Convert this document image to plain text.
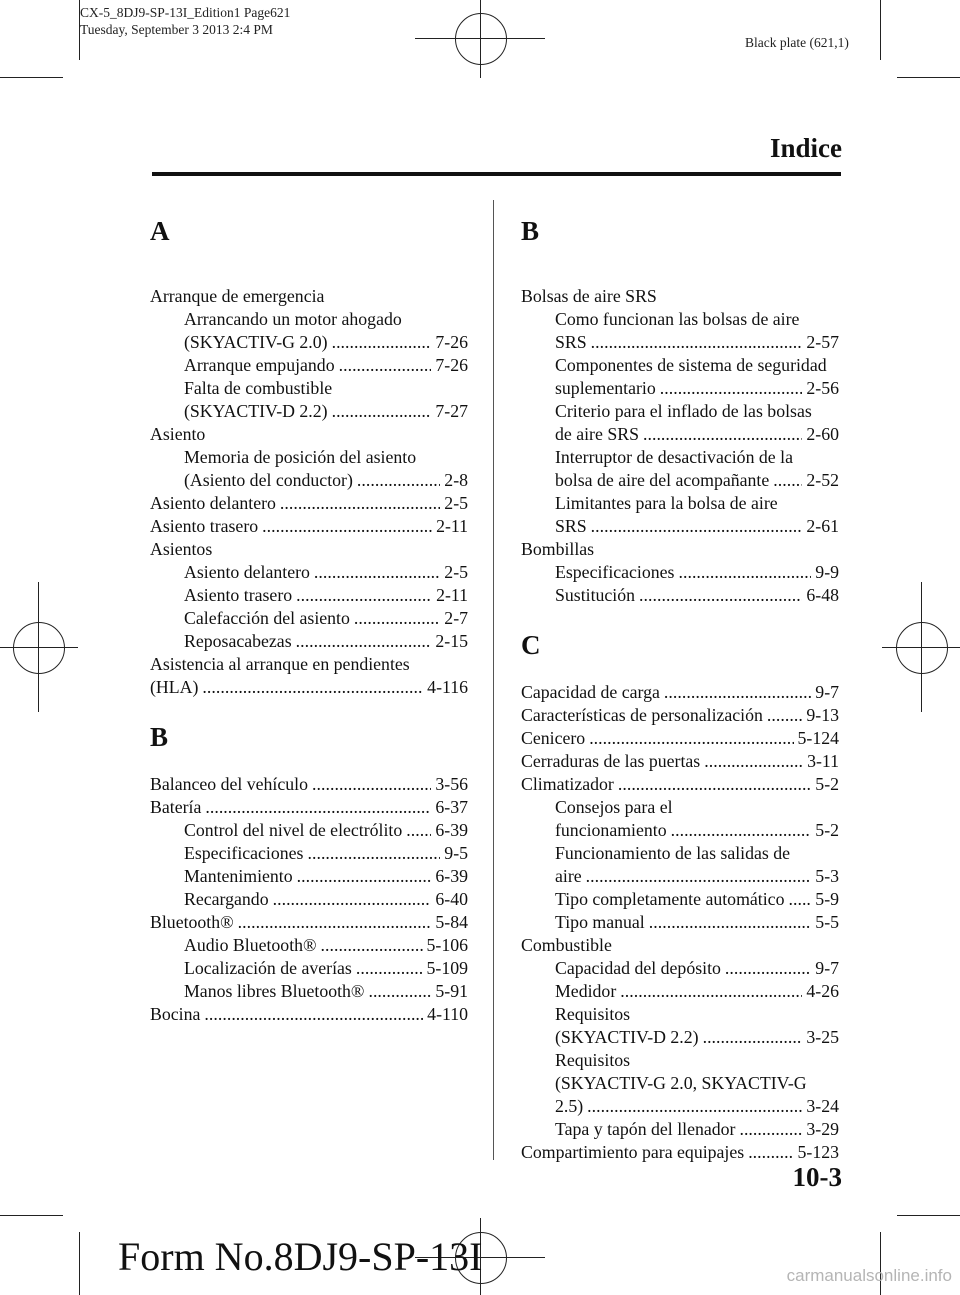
CX-5_8DJ9-SP-13I_Edition1 Page621
Tuesday, September 3 2013 2:4 PM
Black plate (621,1)
Indice
A
Arranque de emergencia
Arrancando un motor ahogado
(SKYACTIV-G 2.0) . . .	7-26
Arranque empujando . . .	7-26
Falta de combustible
(SKYACTIV-D 2.2) . . .	7-27
Asiento
Memoria de posición del asiento
(Asiento del conductor) . . .	2-8
Asiento delantero . . .	2-5
Asiento trasero . . .	2-11
Asientos
Asiento delantero . . .	2-5
Asiento trasero . . .	2-11
Calefacción del asiento . . .	2-7
Reposacabezas . . .	2-15
Asistencia al arranque en pendientes
(HLA) . . .	4-116
B
Balanceo del vehículo . . .	3-56
Batería . . .	6-37
Control del nivel de electrólito . . . 6-39
Especificaciones . . .	9-5
Mantenimiento . . .	6-39
Recargando . . .	6-40
Bluetooth® . . .	5-84
Audio Bluetooth® . . .	5-106
Localización de averías . . .	5-109
Manos libres Bluetooth® . . .	5-91
Bocina . . .	4-110
B
Bolsas de aire SRS
Como funcionan las bolsas de aire
SRS . . .	2-57
Componentes de sistema de seguridad
suplementario . . .	2-56
Criterio para el inflado de las bolsas
de aire SRS . . .	2-60
Interruptor de desactivación de la
bolsa de aire del acompañante . . . 2-52
Limitantes para la bolsa de aire
SRS . . .	2-61
Bombillas
Especificaciones . . .	9-9
Sustitución . . .	6-48
C
Capacidad de carga . . .	9-7
Características de personalización . . . 9-13
Cenicero . . .	5-124
Cerraduras de las puertas . . .	3-11
Climatizador . . .	5-2
Consejos para el
funcionamiento . . .	5-2
Funcionamiento de las salidas de
aire . . .	5-3
Tipo completamente automático . . . 5-9
Tipo manual . . .	5-5
Combustible
Capacidad del depósito . . .	9-7
Medidor . . .	4-26
Requisitos
(SKYACTIV-D 2.2) . . .	3-25
Requisitos
(SKYACTIV-G 2.0, SKYACTIV-G
2.5) . . .	3-24
Tapa y tapón del llenador . . .	3-29
Compartimiento para equipajes . . .	5-123
10-3
Form No.8DJ9-SP-13I	carmanualsonline.info
